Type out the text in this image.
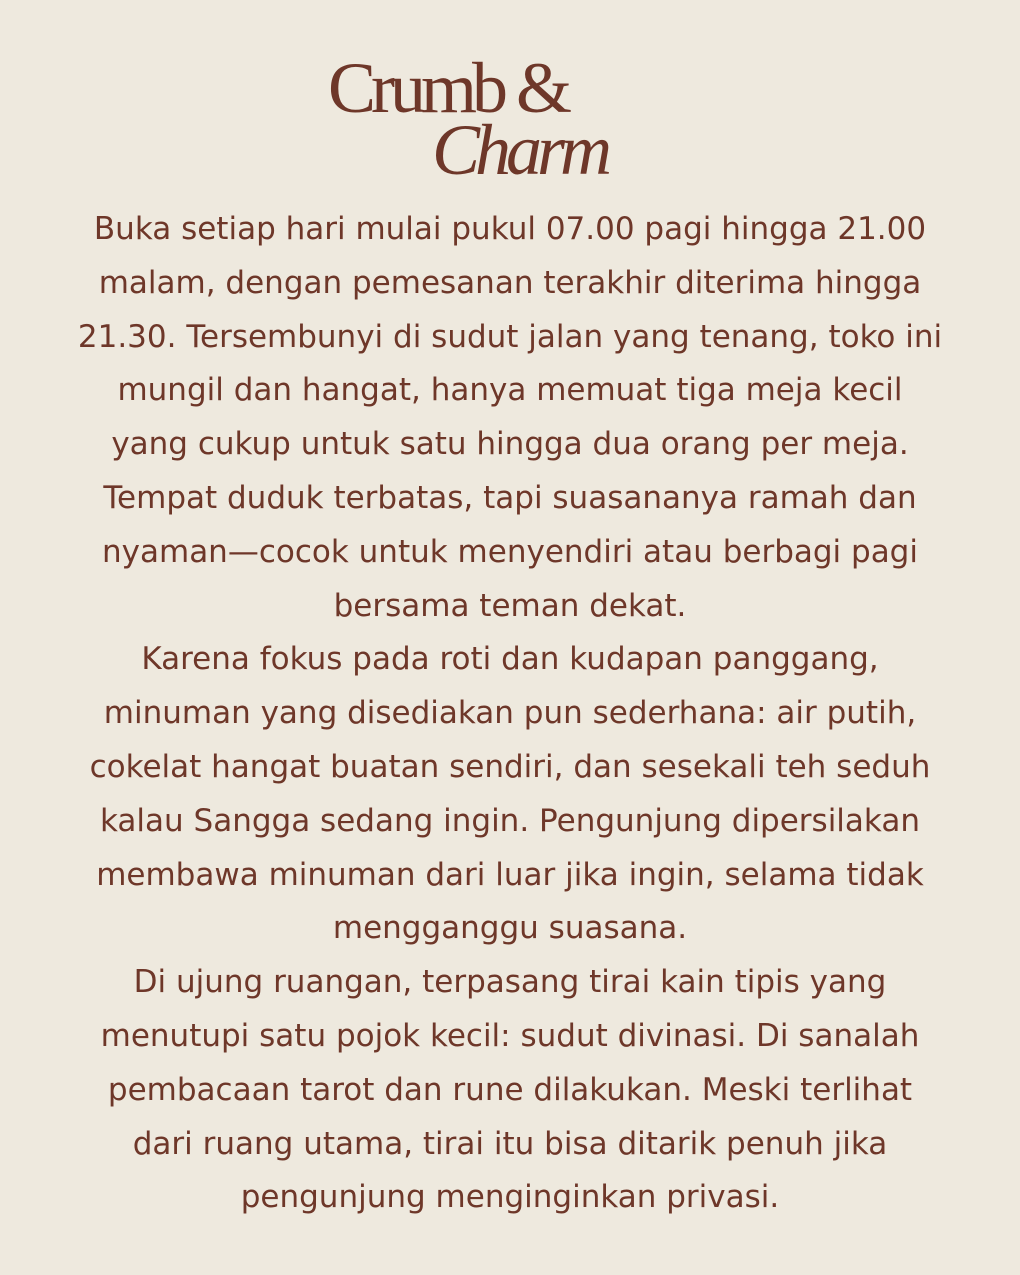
Crumb &
Charm

Buka setiap hari mulai pukul 07.00 pagi hingga 21.00
malam, dengan pemesanan terakhir diterima hingga
21.30. Tersembunyi di sudut jalan yang tenang, toko ini
mungil dan hangat, hanya memuat tiga meja kecil
yang cukup untuk satu hingga dua orang per meja.
Tempat duduk terbatas, tapi suasananya ramah dan
nyaman—cocok untuk menyendiri atau berbagi pagi
bersama teman dekat.

Karena fokus pada roti dan kudapan panggang,
minuman yang disediakan pun sederhana: air putih,
cokelat hangat buatan sendiri, dan sesekali teh seduh
kalau Sangga sedang ingin. Pengunjung dipersilakan
membawa minuman dari luar jika ingin, selama tidak
mengganggu suasana.

Di ujung ruangan, terpasang tirai kain tipis yang
menutupi satu pojok kecil: sudut divinasi. Di sanalah
pembacaan tarot dan rune dilakukan. Meski terlihat
dari ruang utama, tirai itu bisa ditarik penuh jika
pengunjung menginginkan privasi.
